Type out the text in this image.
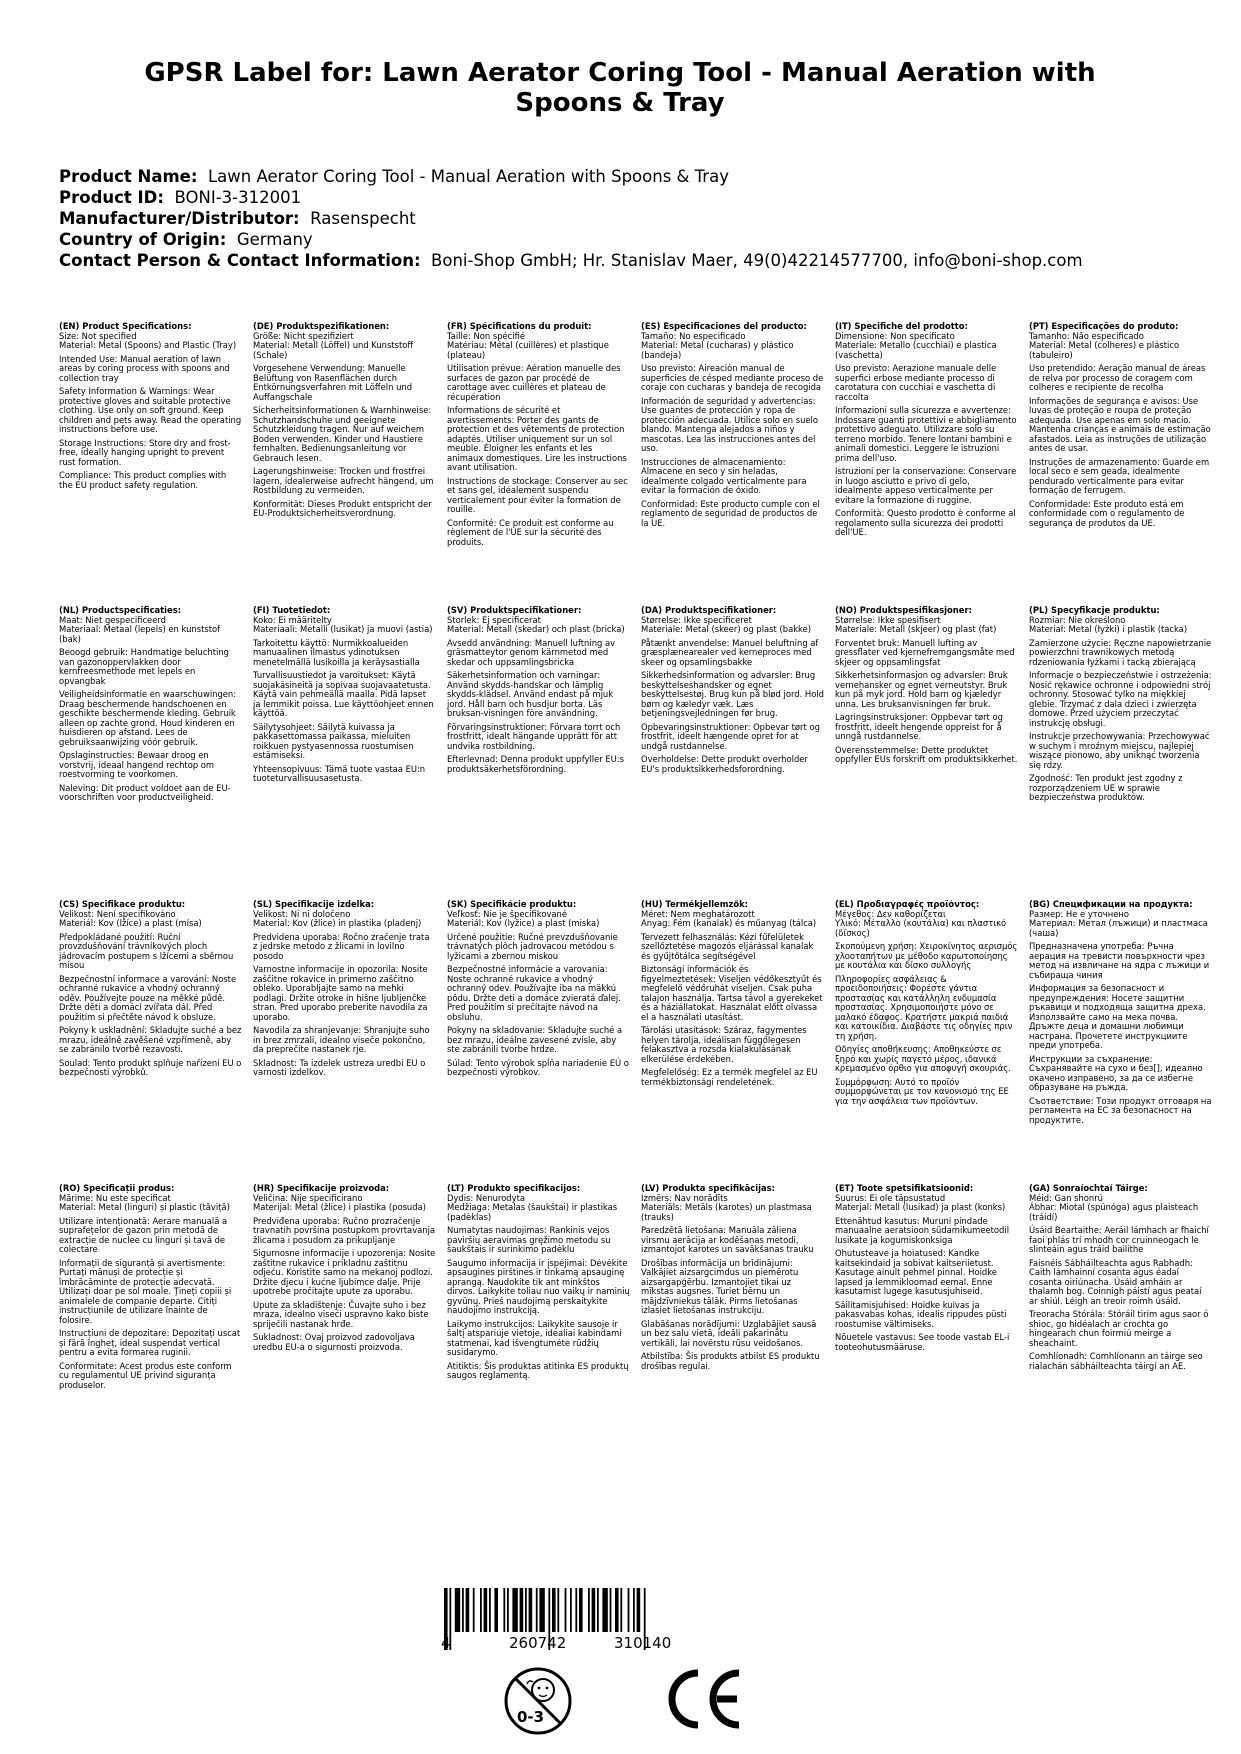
GPSR Label for: Lawn Aerator Coring Tool - Manual Aeration with Spoons & Tray
Product Name: Lawn Aerator Coring Tool - Manual Aeration with Spoons & Tray
Product ID: BONI-3-312001
Manufacturer/Distributor: Rasenspecht
Country of Origin: Germany
Contact Person & Contact Information: Boni-Shop GmbH; Hr. Stanislav Maer, 49(0)42214577700, info@boni-shop.com
(EN) Product Specifications:
Size: Not specified
Material: Metal (Spoons) and Plastic (Tray)
Intended Use: Manual aeration of lawn areas by coring process with spoons and collection tray
Safety Information & Warnings: Wear protective gloves and suitable protective clothing. Use only on soft ground. Keep children and pets away. Read the operating instructions before use.
Storage Instructions: Store dry and frost-free, ideally hanging upright to prevent rust formation.
Compliance: This product complies with the EU product safety regulation.
(DE) Produktspezifikationen:
Größe: Nicht spezifiziert
Material: Metall (Löffel) und Kunststoff (Schale)
Vorgesehene Verwendung: Manuelle Belüftung von Rasenflächen durch Entkörnungsverfahren mit Löffeln und Auffangschale
Sicherheitsinformationen & Warnhinweise: Schutzhandschuhe und geeignete Schutzkleidung tragen. Nur auf weichem Boden verwenden. Kinder und Haustiere fernhalten. Bedienungsanleitung vor Gebrauch lesen.
Lagerungshinweise: Trocken und frostfrei lagern, idealerweise aufrecht hängend, um Rostbildung zu vermeiden.
Konformität: Dieses Produkt entspricht der EU-Produktsicherheitsverordnung.
(FR) Spécifications du produit:
Taille: Non spécifié
Matériau: Métal (cuillères) et plastique (plateau)
Utilisation prévue: Aération manuelle des surfaces de gazon par procédé de carottage avec cuillères et plateau de récupération
Informations de sécurité et avertissements: Porter des gants de protection et des vêtements de protection adaptés. Utiliser uniquement sur un sol meuble. Éloigner les enfants et les animaux domestiques. Lire les instructions avant utilisation.
Instructions de stockage: Conserver au sec et sans gel, idéalement suspendu verticalement pour éviter la formation de rouille.
Conformité: Ce produit est conforme au règlement de l'UE sur la sécurité des produits.
(ES) Especificaciones del producto:
Tamaño: No especificado
Material: Metal (cucharas) y plástico (bandeja)
Uso previsto: Aireación manual de superficies de césped mediante proceso de coraje con cucharas y bandeja de recogida
Información de seguridad y advertencias: Use guantes de protección y ropa de protección adecuada. Utilice solo en suelo blando. Mantenga alejados a niños y mascotas. Lea las instrucciones antes del uso.
Instrucciones de almacenamiento: Almacene en seco y sin heladas, idealmente colgado verticalmente para evitar la formación de óxido.
Conformidad: Este producto cumple con el reglamento de seguridad de productos de la UE.
(IT) Specifiche del prodotto:
Dimensione: Non specificato
Materiale: Metallo (cucchiai) e plastica (vaschetta)
Uso previsto: Aerazione manuale delle superfici erbose mediante processo di carotatura con cucchiai e vaschetta di raccolta
Informazioni sulla sicurezza e avvertenze: Indossare guanti protettivi e abbigliamento protettivo adeguato. Utilizzare solo su terreno morbido. Tenere lontani bambini e animali domestici. Leggere le istruzioni prima dell'uso.
Istruzioni per la conservazione: Conservare in luogo asciutto e privo di gelo, idealmente appeso verticalmente per evitare la formazione di ruggine.
Conformità: Questo prodotto è conforme al regolamento sulla sicurezza dei prodotti dell'UE.
(PT) Especificações do produto:
Tamanho: Não especificado
Material: Metal (colheres) e plástico (tabuleiro)
Uso pretendido: Aeração manual de áreas de relva por processo de coragem com colheres e recipiente de recolha
Informações de segurança e avisos: Use luvas de proteção e roupa de proteção adequada. Use apenas em solo macio. Mantenha crianças e animais de estimação afastados. Leia as instruções de utilização antes de usar.
Instruções de armazenamento: Guarde em local seco e sem geada, idealmente pendurado verticalmente para evitar formação de ferrugem.
Conformidade: Este produto está em conformidade com o regulamento de segurança de produtos da UE.
(NL) Productspecificaties:
Maat: Niet gespecificeerd
Materiaal: Metaal (lepels) en kunststof (bak)
Beoogd gebruik: Handmatige beluchting van gazonoppervlakken door kernfreesmethode met lepels en opvangbak
Veiligheidsinformatie en waarschuwingen: Draag beschermende handschoenen en geschikte beschermende kleding. Gebruik alleen op zachte grond. Houd kinderen en huisdieren op afstand. Lees de gebruiksaanwijzing vóór gebruik.
Opslaginstructies: Bewaar droog en vorstvrij, ideaal hangend rechtop om roestvorming te voorkomen.
Naleving: Dit product voldoet aan de EU-voorschriften voor productveiligheid.
(FI) Tuotetiedot:
Koko: Ei määritelty
Materiaali: Metalli (lusikat) ja muovi (astia)
Tarkoitettu käyttö: Nurmikkoalueiden manuaalinen ilmastus ydinotuksen menetelmällä lusikoilla ja keräysastialla
Turvallisuustiedot ja varoitukset: Käytä suojakäsineitä ja sopivaa suojavaatetusta. Käytä vain pehmeällä maalla. Pidä lapset ja lemmikit poissa. Lue käyttöohjeet ennen käyttöä.
Säilytysohjeet: Säilytä kuivassa ja pakkasettomassa paikassa, mieluiten roikkuen pystyasennossa ruostumisen estämiseksi.
Yhteensopivuus: Tämä tuote vastaa EU:n tuoteturvallisuusasetusta.
(SV) Produktspecifikationer:
Storlek: Ej specificerat
Material: Metall (skedar) och plast (bricka)
Avsedd användning: Manuell luftning av gräsmatteytor genom kärnmetod med skedar och uppsamlingsbricka
Säkerhetsinformation och varningar: Använd skydds-handskar och lämplig skydds-klädsel. Använd endast på mjuk jord. Håll barn och husdjur borta. Läs bruksan-visningen före användning.
Förvaringsinstruktioner: Förvara torrt och frostfritt, idealt hängande upprätt för att undvika rostbildning.
Efterlevnad: Denna produkt uppfyller EU:s produktsäkerhetsförordning.
(DA) Produktspecifikationer:
Størrelse: Ikke specificeret
Materiale: Metal (skeer) og plast (bakke)
Påtænkt anvendelse: Manuel beluftning af græsplænearealer ved kerneproces med skeer og opsamlingsbakke
Sikkerhedsinformation og advarsler: Brug beskyttelseshandsker og egnet beskyttelsestøj. Brug kun på blød jord. Hold børn og kæledyr væk. Læs betjeningsvejledningen før brug.
Opbevaringsinstruktioner: Opbevar tørt og frostfrit, ideelt hængende opret for at undgå rustdannelse.
Overholdelse: Dette produkt overholder EU's produktsikkerhedsforordning.
(NO) Produktspesifikasjoner:
Størrelse: Ikke spesifisert
Materiale: Metall (skjeer) og plast (fat)
Forventet bruk: Manuell lufting av gressflater ved kjernefremgangsmåte med skjeer og oppsamlingsfat
Sikkerhetsinformasjon og advarsler: Bruk vernehansker og egnet verneutstyr. Bruk kun på myk jord. Hold barn og kjæledyr unna. Les bruksanvisningen før bruk.
Lagringsinstruksjoner: Oppbevar tørt og frostfritt, ideelt hengende oppreist for å unngå rustdannelse.
Overensstemmelse: Dette produktet oppfyller EUs forskrift om produktsikkerhet.
(PL) Specyfikacje produktu:
Rozmiar: Nie określono
Materiał: Metal (łyżki) i plastik (tacka)
Zamierzone użycie: Ręczne napowietrzanie powierzchni trawnikowych metodą rdzeniowania łyżkami i tacką zbierającą
Informacje o bezpieczeństwie i ostrzeżenia: Nosić rękawice ochronne i odpowiedni strój ochronny. Stosować tylko na miękkiej glebie. Trzymać z dala dzieci i zwierzęta domowe. Przed użyciem przeczytać instrukcję obsługi.
Instrukcje przechowywania: Przechowywać w suchym i mroźnym miejscu, najlepiej wiszące pionowo, aby uniknąć tworzenia się rdzy.
Zgodność: Ten produkt jest zgodny z rozporządzeniem UE w sprawie bezpieczeństwa produktów.
(CS) Specifikace produktu:
Velikost: Není specifikováno
Materiál: Kov (lžíce) a plast (mísa)
Předpokládané použití: Ruční provzdušňování trávníkových ploch jádrovacím postupem s lžícemi a sběrnou mísou
Bezpečnostní informace a varování: Noste ochranné rukavice a vhodný ochranný oděv. Používejte pouze na měkké půdě. Držte děti a domácí zvířata dál. Před použitím si přečtěte návod k obsluze.
Pokyny k uskladnění: Skladujte suché a bez mrazu, ideálně zavěšené vzpřímeně, aby se zabránilo tvorbě rezavosti.
Soulad: Tento produkt splňuje nařízení EU o bezpečnosti výrobků.
(SL) Specifikacije izdelka:
Velikost: Ni ni določeno
Material: Kov (žlice) in plastika (pladenj)
Predvidena uporaba: Ročno zračenje trata z jedrske metodo z žlicami in lovilno posodo
Varnostne informacije in opozorila: Nosite zaščitne rokavice in primerno zaščitno obleko. Uporabljajte samo na mehki podlagi. Držite otroke in hišne ljubljenčke stran. Pred uporabo preberite navodila za uporabo.
Navodila za shranjevanje: Shranjujte suho in brez zmrzali, idealno viseče pokončno, da preprečite nastanek rje.
Skladnost: Ta izdelek ustreza uredbi EU o varnosti izdelkov.
(SK) Špecifikácie produktu:
Veľkosť: Nie je špecifikované
Materiál: Kov (lyžice) a plast (miska)
Určené použitie: Ručné prevzdušňovanie trávnatých plôch jadrovacou metódou s lyžicami a zbernou miskou
Bezpečnostné informácie a varovania: Noste ochranné rukavice a vhodný ochranný odev. Používajte iba na mäkkú pôdu. Držte deti a domáce zvieratá ďalej. Pred použitím si prečítajte návod na obsluhu.
Pokyny na skladovanie: Skladujte suché a bez mrazu, ideálne zavesené zvisle, aby ste zabránili tvorbe hrdze.
Súlad: Tento výrobok spĺňa nariadenie EÚ o bezpečnosti výrobkov.
(HU) Termékjellemzők:
Méret: Nem meghatározott
Anyag: Fém (kanalak) és műanyag (tálca)
Tervezett felhasználás: Kézi fűfelületek szellőztetése magozós eljárással kanalak és gyűjtőtálca segítségével
Biztonsági információk és figyelmeztetések: Viseljen védőkesztyűt és megfelelő védőruhát viseljen. Csak puha talajon használja. Tartsa távol a gyerekeket és a háziállatokat. Használat előtt olvassa el a használati utasítást.
Tárolási utasítások: Száraz, fagymentes helyen tárolja, ideálisan függőlegesen felakasztva a rozsda kialakulásának elkerülése érdekében.
Megfelelőség: Ez a termék megfelel az EU termékbiztonsági rendeletének.
(EL) Προδιαγραφές προϊόντος:
Μέγεθος: Δεν καθορίζεται
Υλικό: Μέταλλο (κουτάλια) και πλαστικό (δίσκος)
Σκοπούμενη χρήση: Χειροκίνητος αερισμός χλοοταπήτων με μέθοδο καρωτοποίησης με κουτάλια και δίσκο συλλογής
Πληροφορίες ασφάλειας & προειδοποιήσεις: Φορέστε γάντια προστασίας και κατάλληλη ενδυμασία προστασίας. Χρησιμοποιήστε μόνο σε μαλακό έδαφος. Κρατήστε μακριά παιδιά και κατοικίδια. Διαβάστε τις οδηγίες πριν τη χρήση.
Οδηγίες αποθήκευσης: Αποθηκεύστε σε ξηρό και χωρίς παγετό μέρος, ιδανικά κρεμασμένο όρθιο για αποφυγή σκουριάς.
Συμμόρφωση: Αυτό το προϊόν συμμορφώνεται με τον κανονισμό της ΕΕ για την ασφάλεια των προϊόντων.
(BG) Спецификации на продукта:
Размер: Не е уточнено
Материал: Метал (лъжици) и пластмаса (чаша)
Предназначена употреба: Ръчна аерация на тревисти повърхности чрез метод на извличане на ядра с лъжици и събираща чиния
Информация за безопасност и предупреждения: Носете защитни ръкавици и подходяща защитна дреха. Използвайте само на мека почва. Дръжте деца и домашни любимци настрана. Прочетете инструкциите преди употреба.
Инструкции за съхранение: Съхранявайте на сухо и без[], идеално окачено изправено, за да се избегне образуване на ръжда.
Съответствие: Този продукт отговаря на регламента на ЕС за безопасност на продуктите.
(RO) Specificații produs:
Mărime: Nu este specificat
Material: Metal (linguri) și plastic (tăviță)
Utilizare intenționată: Aerare manuală a suprafețelor de gazon prin metodă de extracție de nuclee cu linguri și tavă de colectare
Informații de siguranță și avertismente: Purtați mănuși de protecție și îmbrăcăminte de protecție adecvată. Utilizați doar pe sol moale. Țineți copiii și animalele de companie departe. Citiți instrucțiunile de utilizare înainte de folosire.
Instrucțiuni de depozitare: Depozitați uscat și fără îngheț, ideal suspendat vertical pentru a evita formarea ruginii.
Conformitate: Acest produs este conform cu regulamentul UE privind siguranța produselor.
(HR) Specifikacije proizvoda:
Veličina: Nije specificirano
Materijal: Metal (žlice) i plastika (posuda)
Predviđena uporaba: Ručno prozračenje travnatih površina postupkom provrtavanja žlicama i posudom za prikupljanje
Sigurnosne informacije i upozorenja: Nosite zaštitne rukavice i prikladnu zaštitnu odjeću. Koristite samo na mekanoj podlozi. Držite djecu i kućne ljubimce dalje. Prije upotrebe pročitajte upute za uporabu.
Upute za skladištenje: Čuvajte suho i bez mraza, idealno viseći uspravno kako biste spriječili nastanak hrđe.
Sukladnost: Ovaj proizvod zadovoljava uredbu EU-a o sigurnosti proizvoda.
(LT) Produkto specifikacijos:
Dydis: Nenurodyta
Medžiaga: Metalas (šaukštai) ir plastikas (padėklas)
Numatytas naudojimas: Rankinis vejos paviršių aeravimas gręžimo metodu su šaukštais ir surinkimo padėklu
Saugumo informacija ir įspėjimai: Dėvėkite apsaugines pirštines ir tinkamą apsauginę aprangą. Naudokite tik ant minkštos dirvos. Laikykite toliau nuo vaikų ir naminių gyvūnų. Prieš naudojimą perskaitykite naudojimo instrukciją.
Laikymo instrukcijos: Laikykite sausoje ir šaltį atspariuje vietoje, idealiai kabindami statmenai, kad išvengtumėte rūdžių susidarymo.
Atitiktis: Šis produktas atitinka ES produktų saugos reglamentą.
(LV) Produkta specifikācijas:
Izmērs: Nav norādīts
Materiāls: Metāls (karotes) un plastmasa (trauks)
Paredzētā lietošana: Manuāla zāliena virsmu aerācija ar kodēšanas metodi, izmantojot karotes un savākšanas trauku
Drošības informācija un brīdinājumi: Valkājiet aizsargcimdus un piemērotu aizsargapģērbu. Izmantojiet tikai uz mīkstas augsnes. Turiet bērnu un mājdzīvniekus tālāk. Pirms lietošanas izlasiet lietošanas instrukciju.
Glabāšanas norādījumi: Uzglabājiet sausā un bez salu vietā, ideāli pakarinātu vertikāli, lai novērstu rūsu veidošanos.
Atbilstība: Šis produkts atbilst ES produktu drošības regulai.
(ET) Toote spetsifikatsioonid:
Suurus: Ei ole täpsustatud
Materjal: Metall (lusikad) ja plast (konks)
Ettenähtud kasutus: Muruni pindade manuaalne aeratsioon südamikumeetodil lusikate ja kogumiskonksiga
Ohutusteave ja hoiatused: Kandke kaitsekindaid ja sobivat kaitseriietust. Kasutage ainult pehmel pinnal. Hoidke lapsed ja lemmikloomad eemal. Enne kasutamist lugege kasutusjuhiseid.
Säilitamisjuhised: Hoidke kuivas ja pakasvabas kohas, idealis rippudes püsti roostumise vältimiseks.
Nõuetele vastavus: See toode vastab EL-i tooteohutusmääruse.
(GA) Sonraíochtaí Táirge:
Méid: Gan shonrú
Ábhar: Miotal (spúnóga) agus plaisteach (tráidí)
Úsáid Beartaithe: Aeráil lámhach ar fhaichí faoi phlás trí mhodh cor cruinneogach le slinteáin agus tráid bailithe
Faisnéis Sábháilteachta agus Rabhadh: Caith lámhainní cosanta agus éadaí cosanta oiriúnacha. Úsáid amháin ar thalamh bog. Coinnigh páistí agus peataí ar shiúl. Léigh an treoir roimh úsáid.
Treoracha Stórála: Stóráil tirim agus saor ó shioc, go hidéalach ar crochta go hingearach chun foirmiú meirge a sheachaint.
Comhlíonadh: Comhlíonann an táirge seo rialachán sábháilteachta táirgí an AE.
4	260742	310140
0-3
